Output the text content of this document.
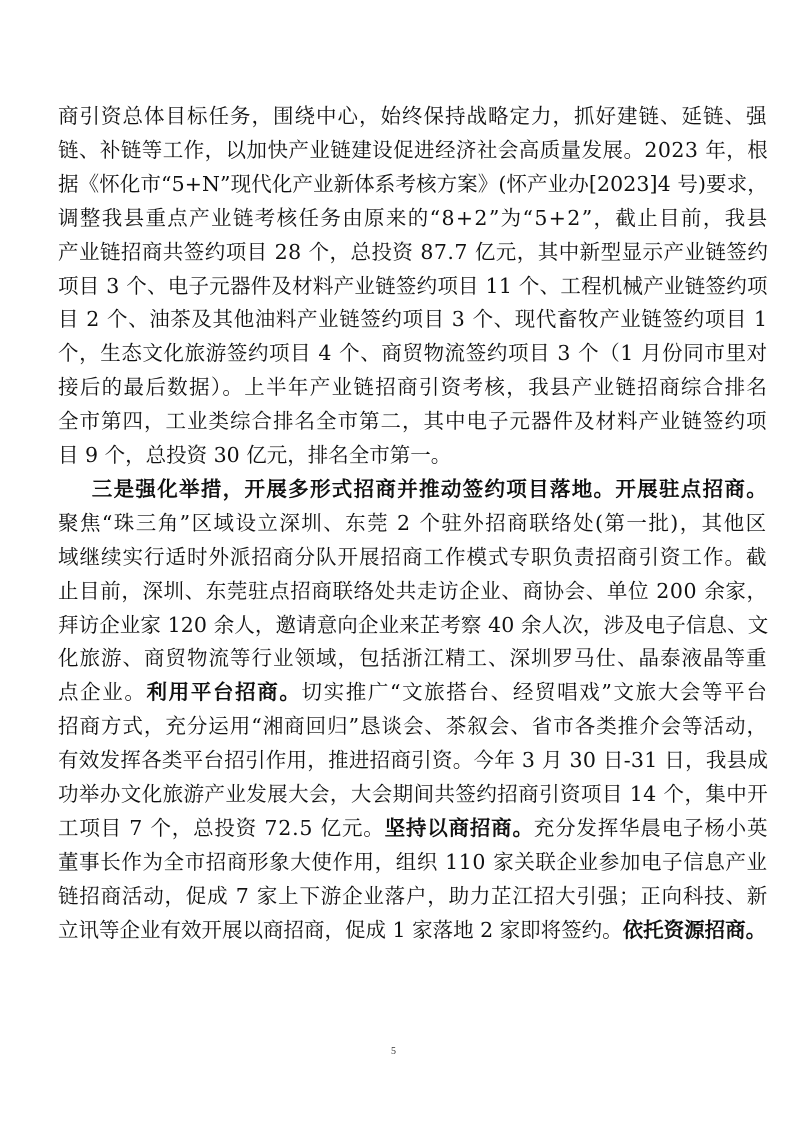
商引资总体目标任务，围绕中心，始终保持战略定力，抓好建链、延链、强
链、补链等工作，以加快产业链建设促进经济社会高质量发展。2023 年，根
据《怀化市“5+N”现代化产业新体系考核方案》(怀产业办[2023]4 号)要求，
调整我县重点产业链考核任务由原来的“8+2”为“5+2”，截止目前，我县
产业链招商共签约项目 28 个，总投资 87.7 亿元，其中新型显示产业链签约
项目 3 个、电子元器件及材料产业链签约项目 11 个、工程机械产业链签约项
目 2 个、油茶及其他油料产业链签约项目 3 个、现代畜牧产业链签约项目 1
个，生态文化旅游签约项目 4 个、商贸物流签约项目 3 个（1 月份同市里对
接后的最后数据）。上半年产业链招商引资考核，我县产业链招商综合排名
全市第四，工业类综合排名全市第二，其中电子元器件及材料产业链签约项
目 9 个，总投资 30 亿元，排名全市第一。
三是强化举措，开展多形式招商并推动签约项目落地。开展驻点招商。
聚焦“珠三角”区域设立深圳、东莞 2 个驻外招商联络处(第一批)，其他区
域继续实行适时外派招商分队开展招商工作模式专职负责招商引资工作。截
止目前，深圳、东莞驻点招商联络处共走访企业、商协会、单位 200 余家，
拜访企业家 120 余人，邀请意向企业来芷考察 40 余人次，涉及电子信息、文
化旅游、商贸物流等行业领域，包括浙江精工、深圳罗马仕、晶泰液晶等重
点企业。利用平台招商。切实推广“文旅搭台、经贸唱戏”文旅大会等平台
招商方式，充分运用“湘商回归”恳谈会、茶叙会、省市各类推介会等活动，
有效发挥各类平台招引作用，推进招商引资。今年 3 月 30 日-31 日，我县成
功举办文化旅游产业发展大会，大会期间共签约招商引资项目 14 个，集中开
工项目 7 个，总投资 72.5 亿元。坚持以商招商。充分发挥华晨电子杨小英
董事长作为全市招商形象大使作用，组织 110 家关联企业参加电子信息产业
链招商活动，促成 7 家上下游企业落户，助力芷江招大引强；正向科技、新
立讯等企业有效开展以商招商，促成 1 家落地 2 家即将签约。依托资源招商。
5
